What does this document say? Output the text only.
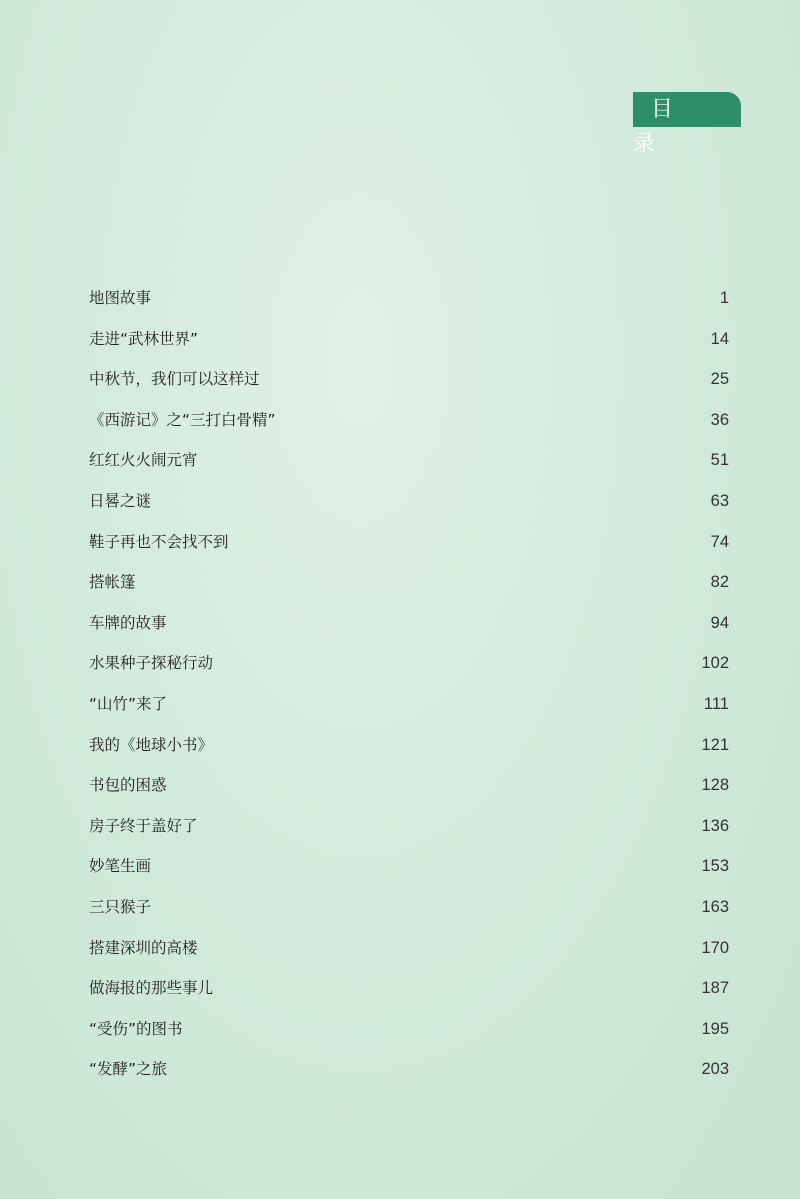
目 录
地图故事	1
走进“武林世界”	14
中秋节，我们可以这样过	25
《西游记》之“三打白骨精”	36
红红火火闹元宵	51
日晷之谜	63
鞋子再也不会找不到	74
搭帐篷	82
车牌的故事	94
水果种子探秘行动	102
“山竹”来了	111
我的《地球小书》	121
书包的困惑	128
房子终于盖好了	136
妙笔生画	153
三只猴子	163
搭建深圳的高楼	170
做海报的那些事儿	187
“受伤”的图书	195
“发酵”之旅	203
